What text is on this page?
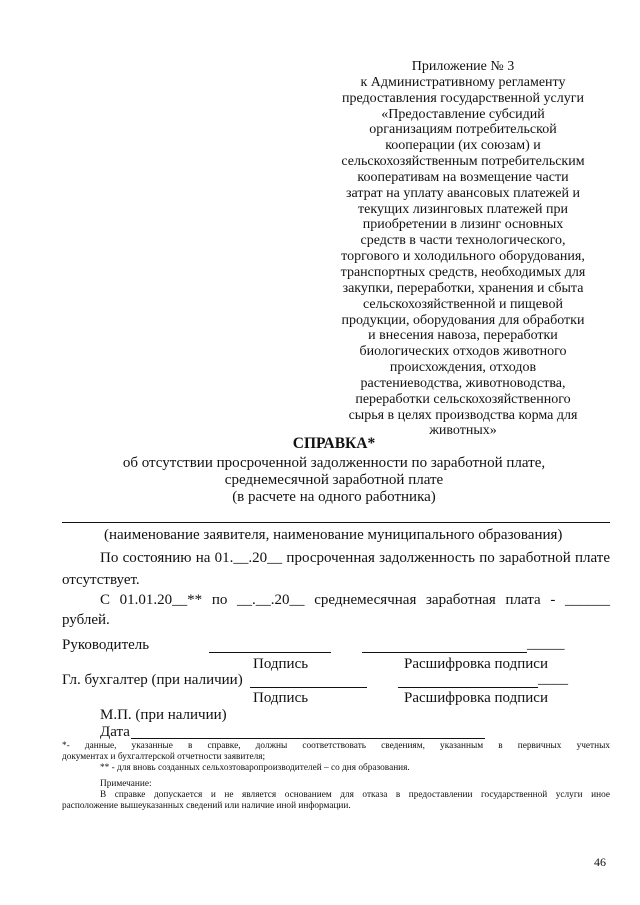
Приложение № 3
к Административному регламенту
предоставления государственной услуги
«Предоставление субсидий
организациям потребительской
кооперации (их союзам) и
сельскохозяйственным потребительским
кооперативам на возмещение части
затрат на уплату авансовых платежей и
текущих лизинговых платежей при
приобретении в лизинг основных
средств в части технологического,
торгового и холодильного оборудования,
транспортных средств, необходимых для
закупки, переработки, хранения и сбыта
сельскохозяйственной и пищевой
продукции, оборудования для обработки
и внесения навоза, переработки
биологических отходов животного
происхождения, отходов
растениеводства, животноводства,
переработки сельскохозяйственного
сырья в целях производства корма для
животных»
СПРАВКА*
об отсутствии просроченной задолженности по заработной плате,
среднемесячной заработной плате
(в расчете на одного работника)
(наименование заявителя, наименование муниципального образования)
По состоянию на 01.__.20__ просроченная задолженность по заработной плате
отсутствует.
С 01.01.20__** по __.__.20__ среднемесячная заработная плата - ______
рублей.
Руководитель	_____
Подпись	Расшифровка подписи
Гл. бухгалтер (при наличии)	____
Подпись	Расшифровка подписи
М.П. (при наличии)
Дата
*- данные, указанные в справке, должны соответствовать сведениям, указанным в первичных учетных
документах и бухгалтерской отчетности заявителя;
** - для вновь созданных сельхозтоваропроизводителей – со дня образования.
Примечание:
В справке допускается и не является основанием для отказа в предоставлении государственной услуги иное
расположение вышеуказанных сведений или наличие иной информации.
46
